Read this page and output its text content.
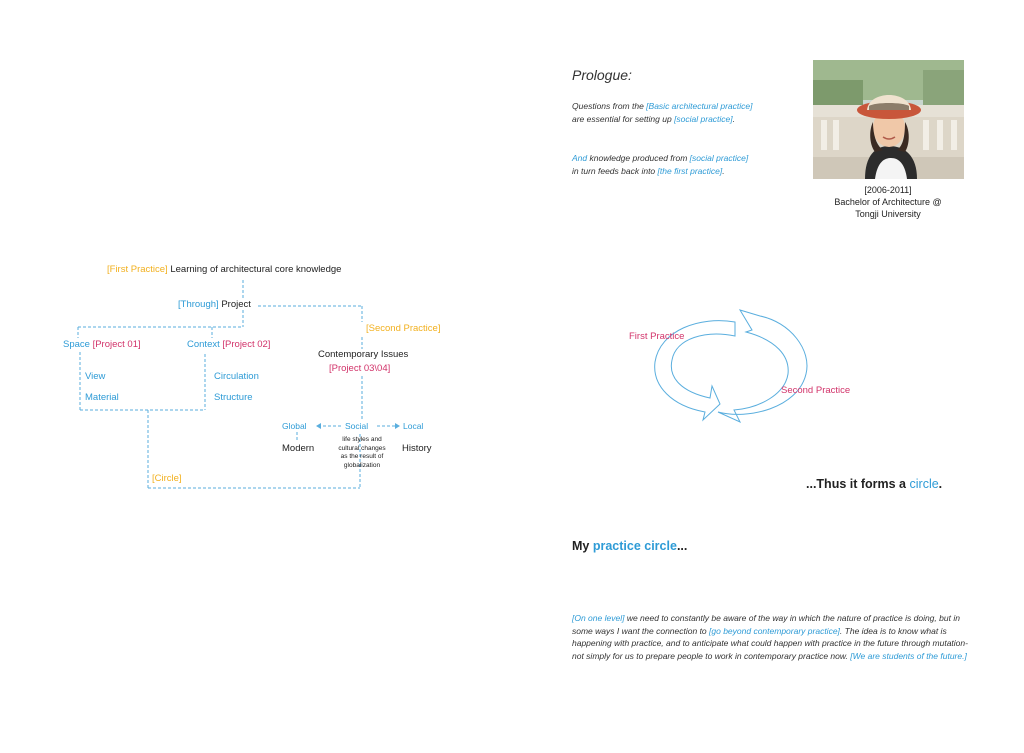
[First Practice] Learning of architectural core knowledge
[Through] Project
[Second Practice]
Space [Project 01]	Context [Project 02]
Contemporary Issues
[Project 03\04]
View
Material
Circulation
Structure
Global	Social	Local
Modern	History
life styles and
cultural changes
as the result of
globalization
[Circle]
Prologue:
Questions from the [Basic architectural practice] are essential for setting up [social practice].
And knowledge produced from [social practice] in turn feeds back into [the first practice].
[2006-2011]
Bachelor of Architecture @
Tongji University
First Practice
Second Practice
...Thus it forms a circle.
My practice circle...
[On one level] we need to constantly be aware of the way in which the nature of practice is doing, but in some ways I want the connection to [go beyond contemporary practice]. The idea is to know what is happening with practice, and to anticipate what could happen with practice in the future through mutation-not simply for us to prepare people to work in contemporary practice now. [We are students of the future.]
